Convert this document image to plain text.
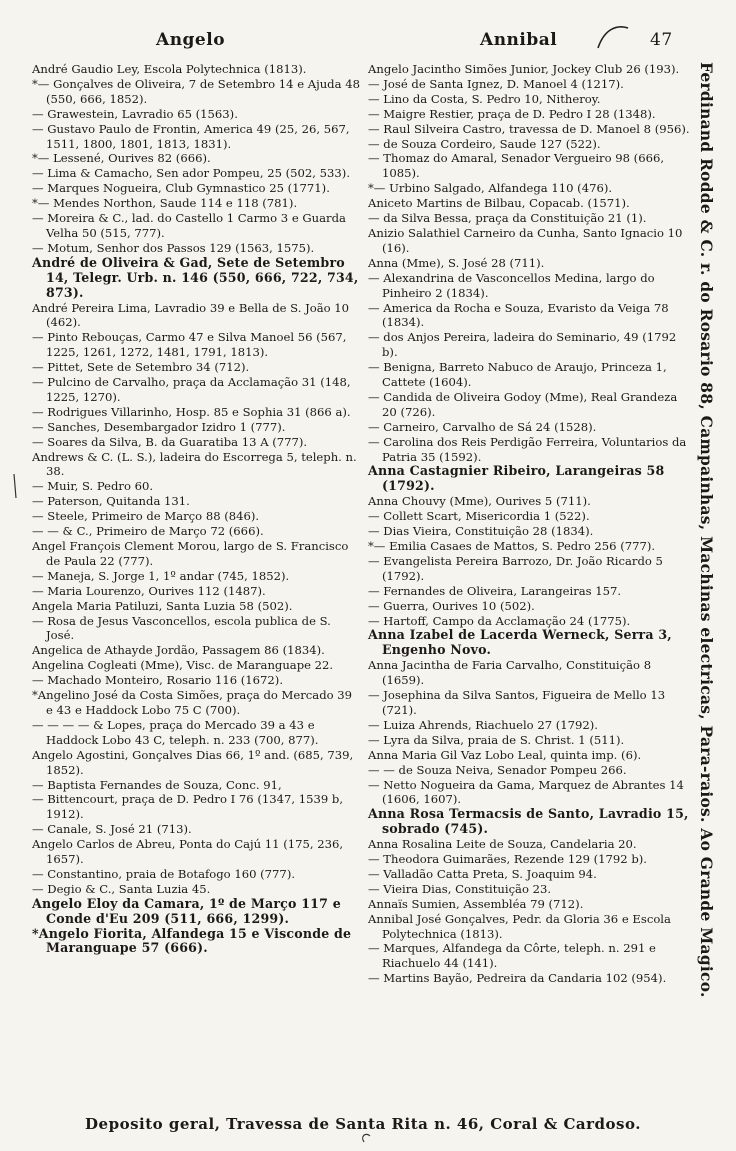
Angelo	Annibal	47

André Gaudio Ley, Escola Polytechnica (1813).

*— Gonçalves de Oliveira, 7 de Setembro 14 e Ajuda 48 (550, 666, 1852).

— Grawestein, Lavradio 65 (1563).

— Gustavo Paulo de Frontin, America 49 (25, 26, 567, 1511, 1800, 1801, 1813, 1831).

*— Lessené, Ourives 82 (666).

— Lima & Camacho, Sen ador Pompeu, 25 (502, 533).

— Marques Nogueira, Club Gymnastico 25 (1771).

*— Mendes Northon, Saude 114 e 118 (781).

— Moreira & C., lad. do Castello 1 Carmo 3 e Guarda Velha 50 (515, 777).

— Motum, Senhor dos Passos 129 (1563, 1575).

André de Oliveira & Gad, Sete de Setembro 14, Telegr. Urb. n. 146 (550, 666, 722, 734, 873).

André Pereira Lima, Lavradio 39 e Bella de S. João 10 (462).

— Pinto Rebouças, Carmo 47 e Silva Manoel 56 (567, 1225, 1261, 1272, 1481, 1791, 1813).

— Pittet, Sete de Setembro 34 (712).

— Pulcino de Carvalho, praça da Acclamação 31 (148, 1225, 1270).

— Rodrigues Villarinho, Hosp. 85 e Sophia 31 (866 a).

— Sanches, Desembargador Izidro 1 (777).

— Soares da Silva, B. da Guaratiba 13 A (777).

Andrews & C. (L. S.), ladeira do Escorrega 5, teleph. n. 38.

— Muir, S. Pedro 60.

— Paterson, Quitanda 131.

— Steele, Primeiro de Março 88 (846).

— — & C., Primeiro de Março 72 (666).

Angel François Clement Morou, largo de S. Francisco de Paula 22 (777).

— Maneja, S. Jorge 1, 1º andar (745, 1852).

— Maria Lourenzo, Ourives 112 (1487).

Angela Maria Patiluzi, Santa Luzia 58 (502).

— Rosa de Jesus Vasconcellos, escola publica de S. José.

Angelica de Athayde Jordão, Passagem 86 (1834).

Angelina Cogleati (Mme), Visc. de Maranguape 22.

— Machado Monteiro, Rosario 116 (1672).

*Angelino José da Costa Simões, praça do Mercado 39 e 43 e Haddock Lobo 75 C (700).

— — — — & Lopes, praça do Mercado 39 a 43 e Haddock Lobo 43 C, teleph. n. 233 (700, 877).

Angelo Agostini, Gonçalves Dias 66, 1º and. (685, 739, 1852).

— Baptista Fernandes de Souza, Conc. 91,

— Bittencourt, praça de D. Pedro I 76 (1347, 1539 b, 1912).

— Canale, S. José 21 (713).

Angelo Carlos de Abreu, Ponta do Cajú 11 (175, 236, 1657).

— Constantino, praia de Botafogo 160 (777).

— Degio & C., Santa Luzia 45.

Angelo Eloy da Camara, 1º de Março 117 e Conde d'Eu 209 (511, 666, 1299).

*Angelo Fiorita, Alfandega 15 e Visconde de Maranguape 57 (666).

Angelo Jacintho Simões Junior, Jockey Club 26 (193).

— José de Santa Ignez, D. Manoel 4 (1217).

— Lino da Costa, S. Pedro 10, Nitheroy.

— Maigre Restier, praça de D. Pedro I 28 (1348).

— Raul Silveira Castro, travessa de D. Manoel 8 (956).

— de Souza Cordeiro, Saude 127 (522).

— Thomaz do Amaral, Senador Vergueiro 98 (666, 1085).

*— Urbino Salgado, Alfandega 110 (476).

Aniceto Martins de Bilbau, Copacab. (1571).

— da Silva Bessa, praça da Constituição 21 (1).

Anizio Salathiel Carneiro da Cunha, Santo Ignacio 10 (16).

Anna (Mme), S. José 28 (711).

— Alexandrina de Vasconcellos Medina, largo do Pinheiro 2 (1834).

— America da Rocha e Souza, Evaristo da Veiga 78 (1834).

— dos Anjos Pereira, ladeira do Seminario, 49 (1792 b).

— Benigna, Barreto Nabuco de Araujo, Princeza 1, Cattete (1604).

— Candida de Oliveira Godoy (Mme), Real Grandeza 20 (726).

— Carneiro, Carvalho de Sá 24 (1528).

— Carolina dos Reis Perdigão Ferreira, Voluntarios da Patria 35 (1592).

Anna Castagnier Ribeiro, Larangeiras 58 (1792).

Anna Chouvy (Mme), Ourives 5 (711).

— Collett Scart, Misericordia 1 (522).

— Dias Vieira, Constituição 28 (1834).

*— Emilia Casaes de Mattos, S. Pedro 256 (777).

— Evangelista Pereira Barrozo, Dr. João Ricardo 5 (1792).

— Fernandes de Oliveira, Larangeiras 157.

— Guerra, Ourives 10 (502).

— Hartoff, Campo da Acclamação 24 (1775).

Anna Izabel de Lacerda Werneck, Serra 3, Engenho Novo.

Anna Jacintha de Faria Carvalho, Constituição 8 (1659).

— Josephina da Silva Santos, Figueira de Mello 13 (721).

— Luiza Ahrends, Riachuelo 27 (1792).

— Lyra da Silva, praia de S. Christ. 1 (511).

Anna Maria Gil Vaz Lobo Leal, quinta imp. (6).

— — de Souza Neiva, Senador Pompeu 266.

— Netto Nogueira da Gama, Marquez de Abrantes 14 (1606, 1607).

Anna Rosa Termacsis de Santo, Lavradio 15, sobrado (745).

Anna Rosalina Leite de Souza, Candelaria 20.

— Theodora Guimarães, Rezende 129 (1792 b).

— Valladão Catta Preta, S. Joaquim 94.

— Vieira Dias, Constituição 23.

Annaïs Sumien, Assembléa 79 (712).

Annibal José Gonçalves, Pedr. da Gloria 36 e Escola Polytechnica (1813).

— Marques, Alfandega da Côrte, teleph. n. 291 e Riachuelo 44 (141).

— Martins Bayão, Pedreira da Candaria 102 (954).	Ferdinand Rodde & C. r. do Rosario 88, Campainhas, Machinas electricas, Para-raios. Ao Grande Magico.
Deposito geral, Travessa de Santa Rita n. 46, Coral & Cardoso.
